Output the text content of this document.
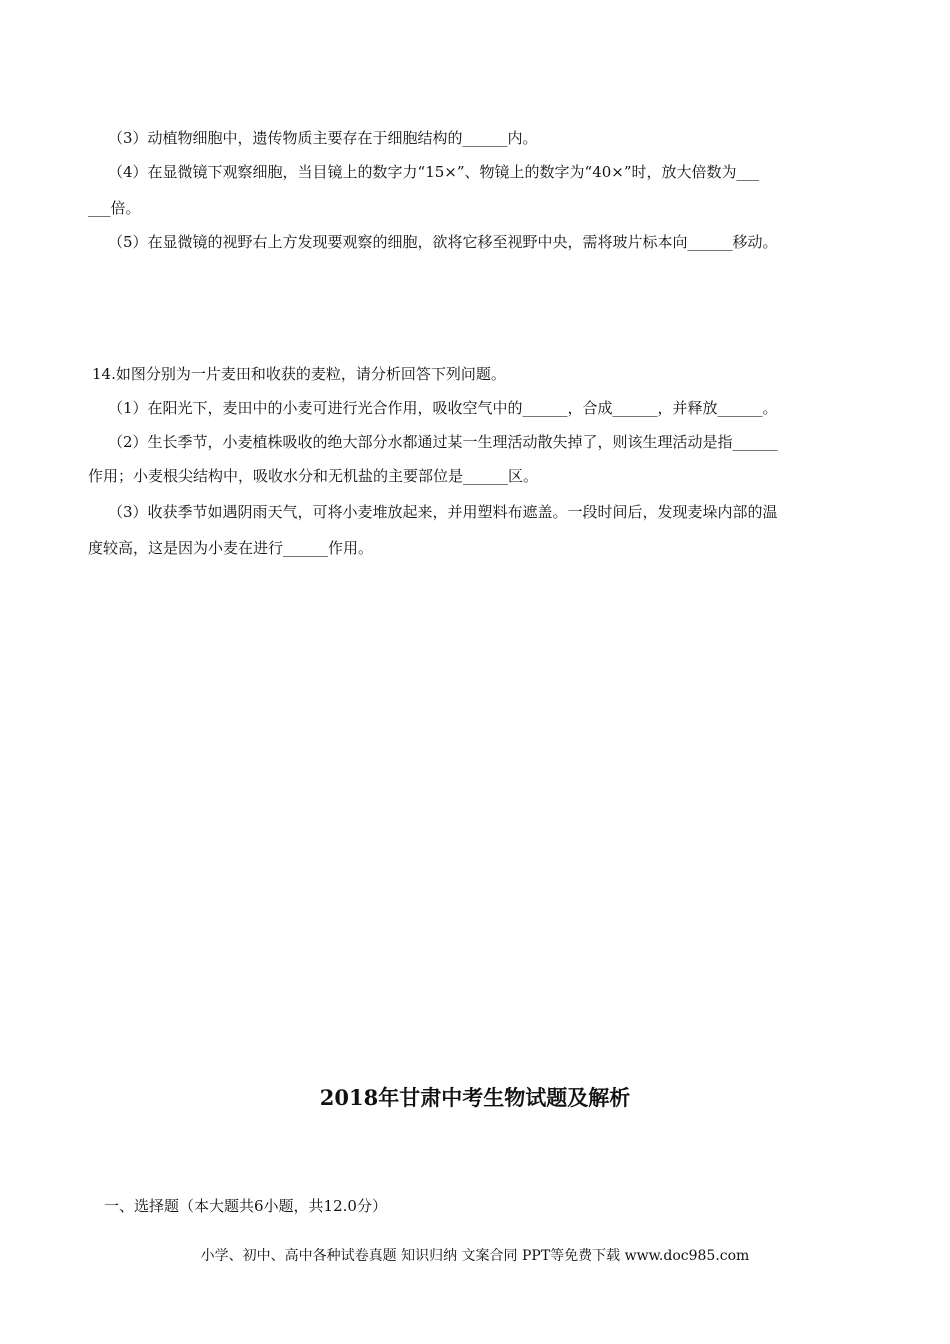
（3）动植物细胞中，遗传物质主要存在于细胞结构的______内。
（4）在显微镜下观察细胞，当目镜上的数字力“15×”、物镜上的数字为“40×”时，放大倍数为___
___倍。
（5）在显微镜的视野右上方发现要观察的细胞，欲将它移至视野中央，需将玻片标本向______移动。
14.如图分别为一片麦田和收获的麦粒，请分析回答下列问题。
（1）在阳光下，麦田中的小麦可进行光合作用，吸收空气中的______，合成______，并释放______。
（2）生长季节，小麦植株吸收的绝大部分水都通过某一生理活动散失掉了，则该生理活动是指______
作用；小麦根尖结构中，吸收水分和无机盐的主要部位是______区。
（3）收获季节如遇阴雨天气，可将小麦堆放起来，并用塑料布遮盖。一段时间后，发现麦垛内部的温
度较高，这是因为小麦在进行______作用。
2018年甘肃中考生物试题及解析
一、选择题（本大题共6小题，共12.0分）
小学、初中、高中各种试卷真题 知识归纳 文案合同 PPT等免费下载 www.doc985.com
